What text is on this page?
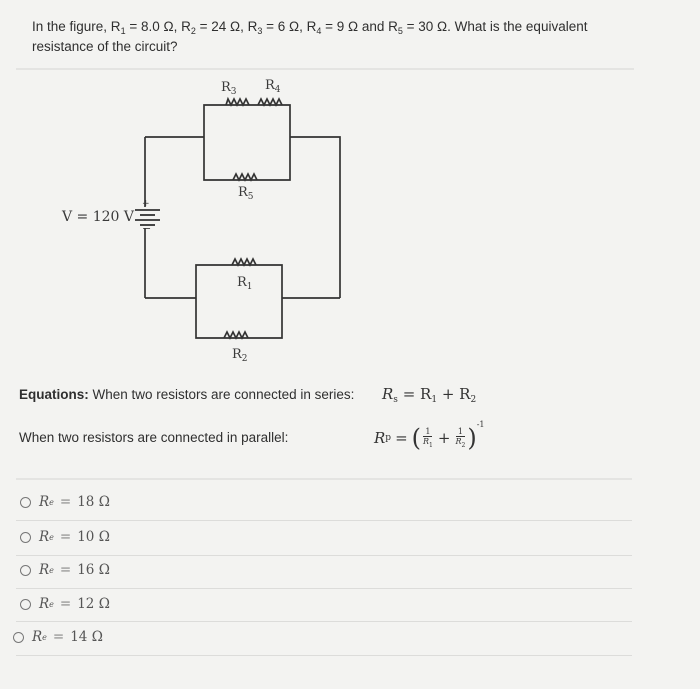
In the figure, $R_1 = 8.0$ Ω, $R_2 = 24$ Ω, $R_3 = 6$ Ω, $R_4 = 9$ Ω and $R_5 = 30$ Ω. What is the equivalent
resistance of the circuit?
+
−
V = 120 V
$R_3$ $R_4$
$R_5$
$R_1$
$R_2$
Equations: When two resistors are connected in series: $R_s = R_1 + R_2$
When two resistors are connected in parallel:	R p = ( 1
$R_1 + \frac{1}{R_2}$ ) -1
R e = 18 Ω
R e = 10 Ω
R e = 16 Ω
R e = 12 Ω
R e = 14 Ω
